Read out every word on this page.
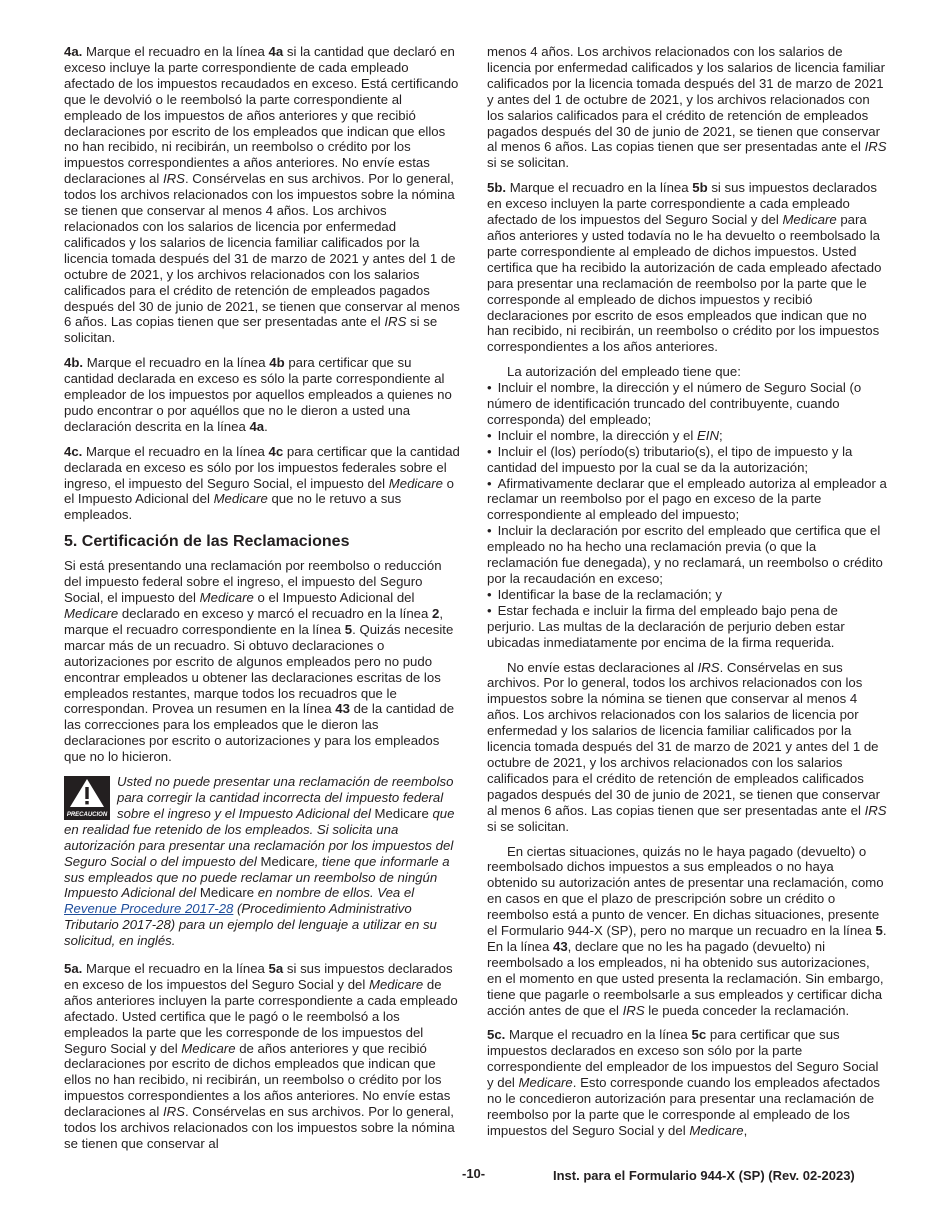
4a. Marque el recuadro en la línea 4a si la cantidad que declaró en exceso incluye la parte correspondiente de cada empleado afectado de los impuestos recaudados en exceso. Está certificando que le devolvió o le reembolsó la parte correspondiente al empleado de los impuestos de años anteriores y que recibió declaraciones por escrito de los empleados que indican que ellos no han recibido, ni recibirán, un reembolso o crédito por los impuestos correspondientes a años anteriores. No envíe estas declaraciones al IRS. Consérvelas en sus archivos. Por lo general, todos los archivos relacionados con los impuestos sobre la nómina se tienen que conservar al menos 4 años. Los archivos relacionados con los salarios de licencia por enfermedad calificados y los salarios de licencia familiar calificados por la licencia tomada después del 31 de marzo de 2021 y antes del 1 de octubre de 2021, y los archivos relacionados con los salarios calificados para el crédito de retención de empleados pagados después del 30 de junio de 2021, se tienen que conservar al menos 6 años. Las copias tienen que ser presentadas ante el IRS si se solicitan.

4b. Marque el recuadro en la línea 4b para certificar que su cantidad declarada en exceso es sólo la parte correspondiente al empleador de los impuestos por aquellos empleados a quienes no pudo encontrar o por aquéllos que no le dieron a usted una declaración descrita en la línea 4a.

4c. Marque el recuadro en la línea 4c para certificar que la cantidad declarada en exceso es sólo por los impuestos federales sobre el ingreso, el impuesto del Seguro Social, el impuesto del Medicare o el Impuesto Adicional del Medicare que no le retuvo a sus empleados.

5. Certificación de las Reclamaciones

Si está presentando una reclamación por reembolso o reducción del impuesto federal sobre el ingreso, el impuesto del Seguro Social, el impuesto del Medicare o el Impuesto Adicional del Medicare declarado en exceso y marcó el recuadro en la línea 2, marque el recuadro correspondiente en la línea 5. Quizás necesite marcar más de un recuadro. Si obtuvo declaraciones o autorizaciones por escrito de algunos empleados pero no pudo encontrar empleados u obtener las declaraciones escritas de los empleados restantes, marque todos los recuadros que le correspondan. Provea un resumen en la línea 43 de la cantidad de las correcciones para los empleados que le dieron las declaraciones por escrito o autorizaciones y para los empleados que no lo hicieron.

PRECAUCION
Usted no puede presentar una reclamación de reembolso para corregir la cantidad incorrecta del impuesto federal sobre el ingreso y el Impuesto Adicional del Medicare que en realidad fue retenido de los empleados. Si solicita una autorización para presentar una reclamación por los impuestos del Seguro Social o del impuesto del Medicare, tiene que informarle a sus empleados que no puede reclamar un reembolso de ningún Impuesto Adicional del Medicare en nombre de ellos. Vea el Revenue Procedure 2017-28 (Procedimiento Administrativo Tributario 2017-28) para un ejemplo del lenguaje a utilizar en su solicitud, en inglés.

5a. Marque el recuadro en la línea 5a si sus impuestos declarados en exceso de los impuestos del Seguro Social y del Medicare de años anteriores incluyen la parte correspondiente a cada empleado afectado. Usted certifica que le pagó o le reembolsó a los empleados la parte que les corresponde de los impuestos del Seguro Social y del Medicare de años anteriores y que recibió declaraciones por escrito de dichos empleados que indican que ellos no han recibido, ni recibirán, un reembolso o crédito por los impuestos correspondientes a los años anteriores. No envíe estas declaraciones al IRS. Consérvelas en sus archivos. Por lo general, todos los archivos relacionados con los impuestos sobre la nómina se tienen que conservar al

menos 4 años. Los archivos relacionados con los salarios de licencia por enfermedad calificados y los salarios de licencia familiar calificados por la licencia tomada después del 31 de marzo de 2021 y antes del 1 de octubre de 2021, y los archivos relacionados con los salarios calificados para el crédito de retención de empleados pagados después del 30 de junio de 2021, se tienen que conservar al menos 6 años. Las copias tienen que ser presentadas ante el IRS si se solicitan.

5b. Marque el recuadro en la línea 5b si sus impuestos declarados en exceso incluyen la parte correspondiente a cada empleado afectado de los impuestos del Seguro Social y del Medicare para años anteriores y usted todavía no le ha devuelto o reembolsado la parte correspondiente al empleado de dichos impuestos. Usted certifica que ha recibido la autorización de cada empleado afectado para presentar una reclamación de reembolso por la parte que le corresponde al empleado de dichos impuestos y recibió declaraciones por escrito de esos empleados que indican que no han recibido, ni recibirán, un reembolso o crédito por los impuestos correspondientes a los años anteriores.

La autorización del empleado tiene que:

• Incluir el nombre, la dirección y el número de Seguro Social (o número de identificación truncado del contribuyente, cuando corresponda) del empleado;
• Incluir el nombre, la dirección y el EIN;
• Incluir el (los) período(s) tributario(s), el tipo de impuesto y la cantidad del impuesto por la cual se da la autorización;
• Afirmativamente declarar que el empleado autoriza al empleador a reclamar un reembolso por el pago en exceso de la parte correspondiente al empleado del impuesto;
• Incluir la declaración por escrito del empleado que certifica que el empleado no ha hecho una reclamación previa (o que la reclamación fue denegada), y no reclamará, un reembolso o crédito por la recaudación en exceso;
• Identificar la base de la reclamación; y
• Estar fechada e incluir la firma del empleado bajo pena de perjurio. Las multas de la declaración de perjurio deben estar ubicadas inmediatamente por encima de la firma requerida.

No envíe estas declaraciones al IRS. Consérvelas en sus archivos. Por lo general, todos los archivos relacionados con los impuestos sobre la nómina se tienen que conservar al menos 4 años. Los archivos relacionados con los salarios de licencia por enfermedad y los salarios de licencia familiar calificados por la licencia tomada después del 31 de marzo de 2021 y antes del 1 de octubre de 2021, y los archivos relacionados con los salarios calificados para el crédito de retención de empleados calificados pagados después del 30 de junio de 2021, se tienen que conservar al menos 6 años. Las copias tienen que ser presentadas ante el IRS si se solicitan.

En ciertas situaciones, quizás no le haya pagado (devuelto) o reembolsado dichos impuestos a sus empleados o no haya obtenido su autorización antes de presentar una reclamación, como en casos en que el plazo de prescripción sobre un crédito o reembolso está a punto de vencer. En dichas situaciones, presente el Formulario 944-X (SP), pero no marque un recuadro en la línea 5. En la línea 43, declare que no les ha pagado (devuelto) ni reembolsado a los empleados, ni ha obtenido sus autorizaciones, en el momento en que usted presenta la reclamación. Sin embargo, tiene que pagarle o reembolsarle a sus empleados y certificar dicha acción antes de que el IRS le pueda conceder la reclamación.

5c. Marque el recuadro en la línea 5c para certificar que sus impuestos declarados en exceso son sólo por la parte correspondiente del empleador de los impuestos del Seguro Social y del Medicare. Esto corresponde cuando los empleados afectados no le concedieron autorización para presentar una reclamación de reembolso por la parte que le corresponde al empleado de los impuestos del Seguro Social y del Medicare,

-10-	Inst. para el Formulario 944-X (SP) (Rev. 02-2023)
